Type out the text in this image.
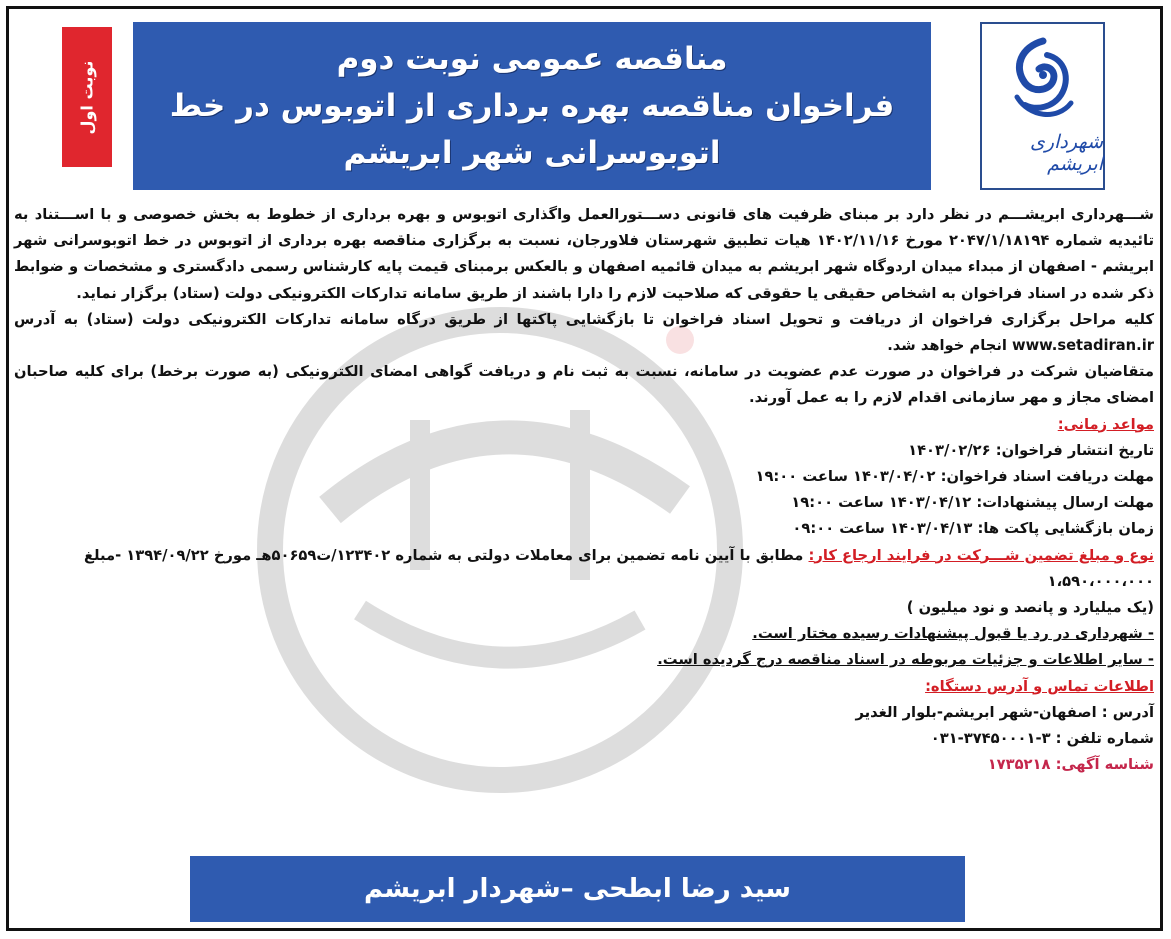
شهرداری ابریشم
مناقصه عمومی نوبت دوم
فراخوان مناقصه بهره برداری از اتوبوس در خط
اتوبوسرانی شهر ابریشم
نوبت اول

شـــهرداری ابریشـــم در نظر دارد بر مبنای ظرفیت های قانونی دســـتورالعمل واگذاری اتوبوس و بهره برداری از خطوط به بخش خصوصی و با اســـتناد به تائیدیه شماره ۲۰۴۷/۱/۱۸۱۹۴ مورخ ۱۴۰۲/۱۱/۱۶ هیات تطبیق شهرستان فلاورجان، نسبت به برگزاری مناقصه بهره برداری از اتوبوس در خط اتوبوسرانی شهر ابریشم - اصفهان از مبداء میدان اردوگاه شهر ابریشم به میدان قائمیه اصفهان و بالعکس برمبنای قیمت پایه کارشناس رسمی دادگستری و مشخصات و ضوابط ذکر شده در اسناد فراخوان به اشخاص حقیقی یا حقوقی که صلاحیت لازم را دارا باشند از طریق سامانه تدارکات الکترونیکی دولت (ستاد) برگزار نماید.

کلیه مراحل برگزاری فراخوان از دریافت و تحویل اسناد فراخوان تا بازگشایی پاکتها از طریق درگاه سامانه تدارکات الکترونیکی دولت (ستاد) به آدرس www.setadiran.ir انجام خواهد شد.

متقاضیان شرکت در فراخوان در صورت عدم عضویت در سامانه، نسبت به ثبت نام و دریافت گواهی امضای الکترونیکی (به صورت برخط) برای کلیه صاحبان امضای مجاز و مهر سازمانی اقدام لازم را به عمل آورند.

مواعد زمانی:

تاریخ انتشار فراخوان: ۱۴۰۳/۰۲/۲۶

مهلت دریافت اسناد فراخوان: ۱۴۰۳/۰۴/۰۲ ساعت ۱۹:۰۰

مهلت ارسال پیشنهادات: ۱۴۰۳/۰۴/۱۲ ساعت ۱۹:۰۰

زمان بازگشایی پاکت ها: ۱۴۰۳/۰۴/۱۳ ساعت ۰۹:۰۰

نوع و مبلغ تضمین شـــرکت در فرایند ارجاع کار: مطابق با آیین نامه تضمین برای معاملات دولتی به شماره ۱۲۳۴۰۲/ت۵۰۶۵۹هـ مورخ ۱۳۹۴/۰۹/۲۲ -مبلغ ۱،۵۹۰،۰۰۰،۰۰۰

(یک میلیارد و پانصد و نود میلیون )

- شهرداری در رد یا قبول پیشنهادات رسیده مختار است.

- سایر اطلاعات و جزئیات مربوطه در اسناد مناقصه درج گردیده است.

اطلاعات تماس و آدرس دستگاه:

آدرس : اصفهان-شهر ابریشم-بلوار الغدیر

شماره تلفن : ۳-۳۷۴۵۰۰۰۱-۰۳۱

شناسه آگهی: ۱۷۳۵۲۱۸

سید رضا ابطحی –شهردار ابریشم
